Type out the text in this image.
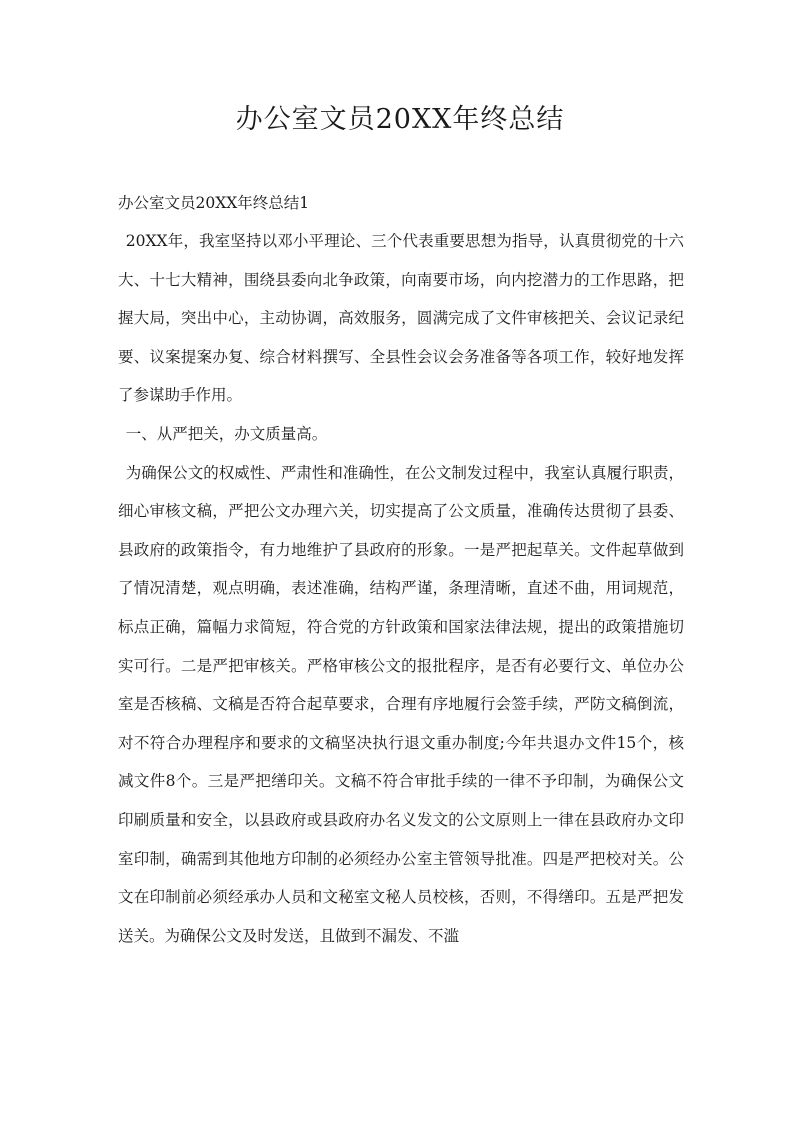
办公室文员20XX年终总结

办公室文员20XX年终总结1

20XX年，我室坚持以邓小平理论、三个代表重要思想为指导，认真贯彻党的十六大、十七大精神，围绕县委向北争政策，向南要市场，向内挖潜力的工作思路，把握大局，突出中心，主动协调，高效服务，圆满完成了文件审核把关、会议记录纪要、议案提案办复、综合材料撰写、全县性会议会务准备等各项工作，较好地发挥了参谋助手作用。

一、从严把关，办文质量高。

为确保公文的权威性、严肃性和准确性，在公文制发过程中，我室认真履行职责，细心审核文稿，严把公文办理六关，切实提高了公文质量，准确传达贯彻了县委、县政府的政策指令，有力地维护了县政府的形象。一是严把起草关。文件起草做到了情况清楚，观点明确，表述准确，结构严谨，条理清晰，直述不曲，用词规范，标点正确，篇幅力求简短，符合党的方针政策和国家法律法规，提出的政策措施切实可行。二是严把审核关。严格审核公文的报批程序，是否有必要行文、单位办公室是否核稿、文稿是否符合起草要求，合理有序地履行会签手续，严防文稿倒流，对不符合办理程序和要求的文稿坚决执行退文重办制度;今年共退办文件15个，核减文件8个。三是严把缮印关。文稿不符合审批手续的一律不予印制，为确保公文印刷质量和安全，以县政府或县政府办名义发文的公文原则上一律在县政府办文印室印制，确需到其他地方印制的必须经办公室主管领导批准。四是严把校对关。公文在印制前必须经承办人员和文秘室文秘人员校核，否则，不得缮印。五是严把发送关。为确保公文及时发送，且做到不漏发、不滥
